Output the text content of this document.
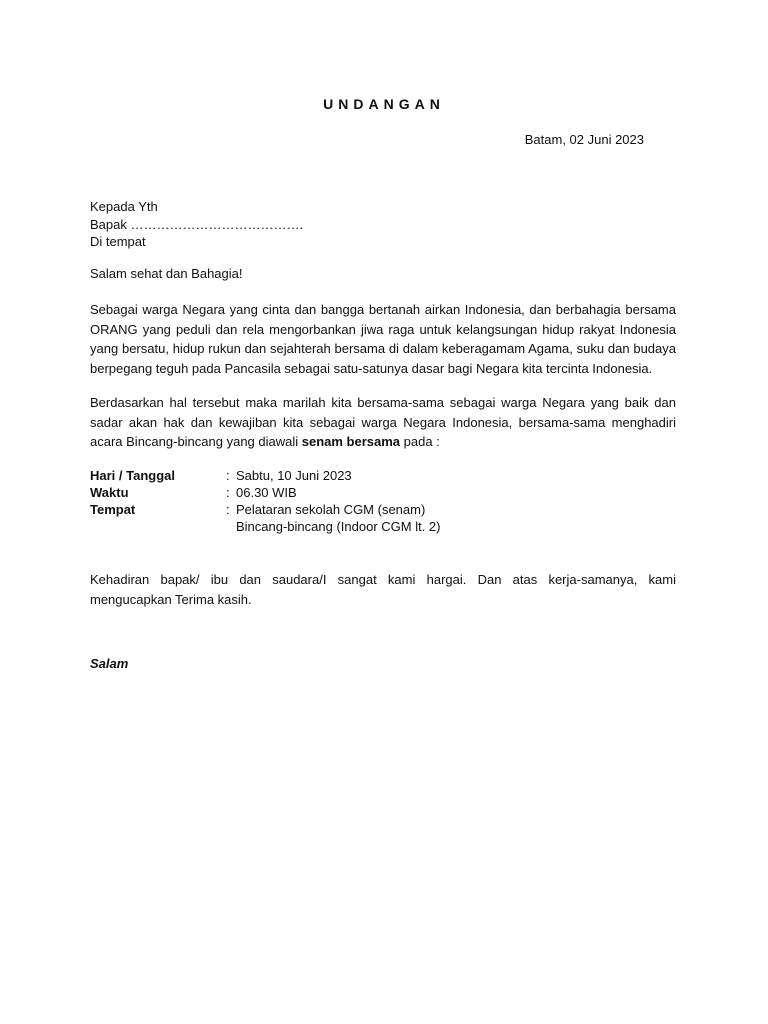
UNDANGAN
Batam, 02 Juni 2023
Kepada Yth
Bapak ………………………………….
Di tempat
Salam sehat dan Bahagia!
Sebagai warga Negara yang cinta dan bangga bertanah airkan Indonesia, dan berbahagia bersama ORANG yang peduli dan rela mengorbankan jiwa raga untuk kelangsungan hidup rakyat Indonesia yang bersatu, hidup rukun dan sejahterah bersama di dalam keberagamam Agama, suku dan budaya berpegang teguh pada Pancasila sebagai satu-satunya dasar bagi Negara kita tercinta Indonesia.
Berdasarkan hal tersebut maka marilah kita bersama-sama sebagai warga Negara yang baik dan sadar akan hak dan kewajiban kita sebagai warga Negara Indonesia, bersama-sama menghadiri acara Bincang-bincang yang diawali senam bersama pada :
Hari / Tanggal	: Sabtu, 10 Juni 2023
Waktu	: 06.30 WIB
Tempat	: Pelataran sekolah CGM (senam)
Bincang-bincang (Indoor CGM lt. 2)
Kehadiran bapak/ ibu dan saudara/I sangat kami hargai. Dan atas kerja-samanya, kami mengucapkan Terima kasih.
Salam
